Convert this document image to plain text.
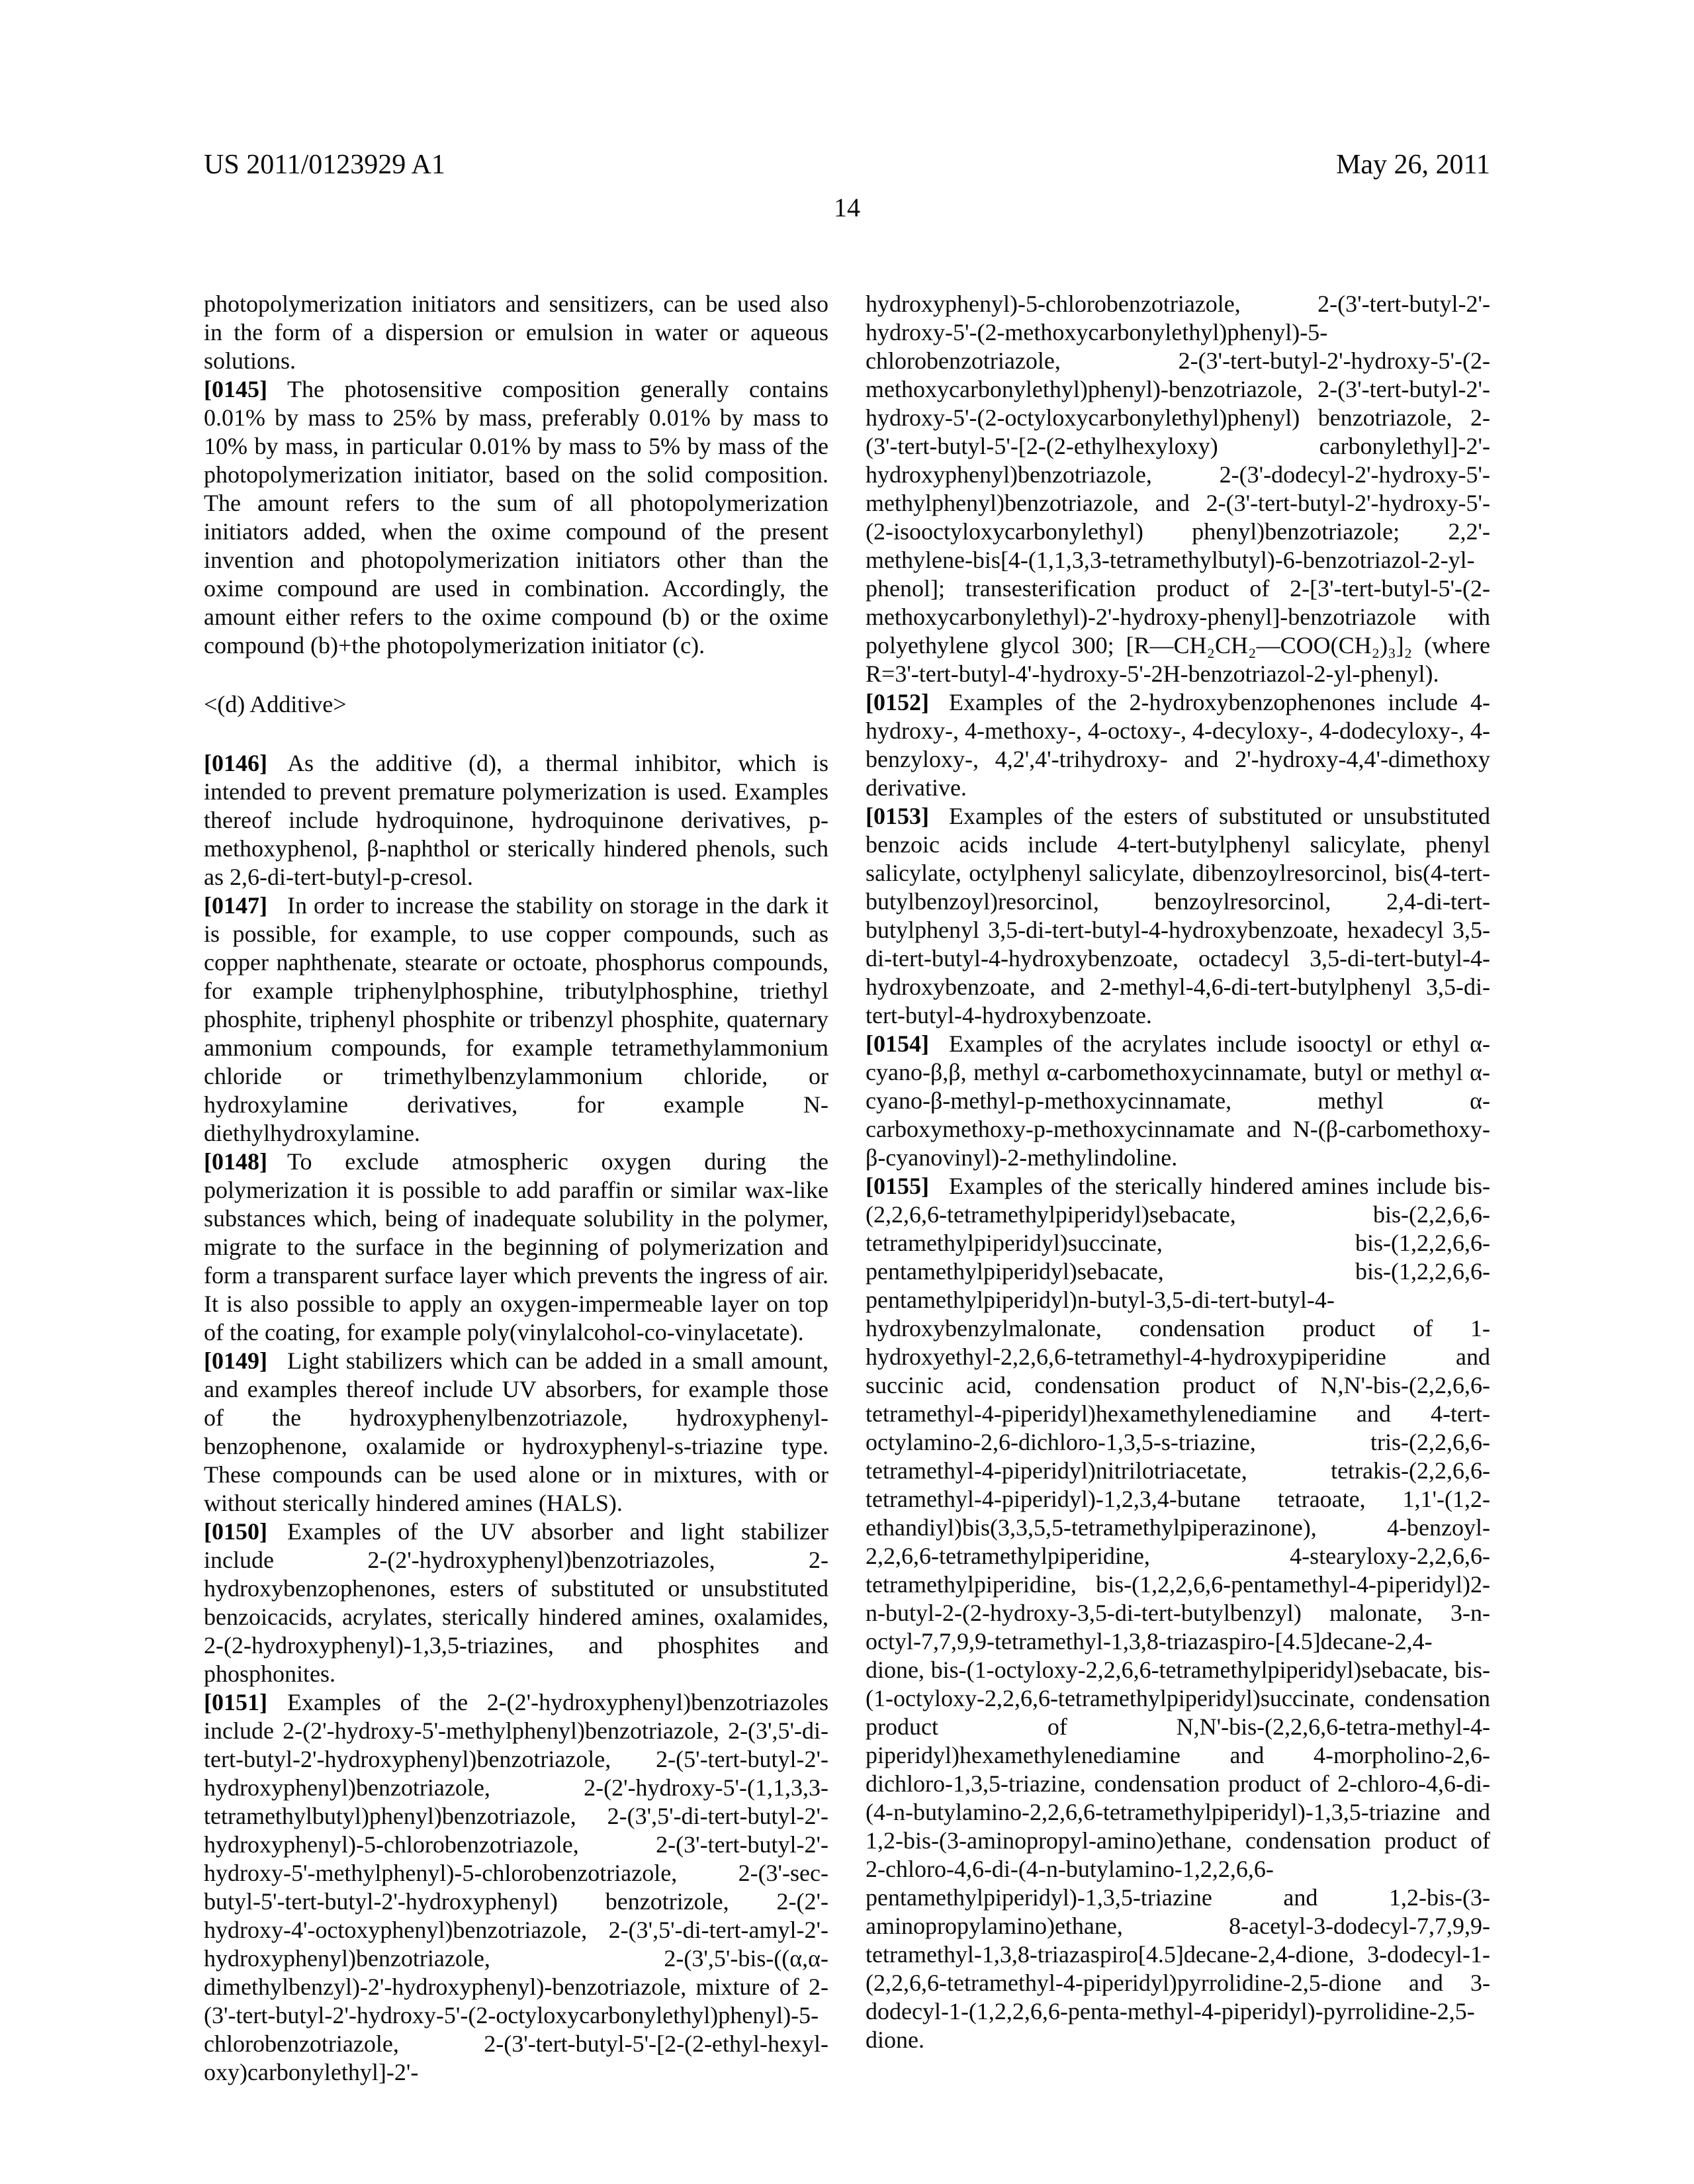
US 2011/0123929 A1	May 26, 2011
14

photopolymerization initiators and sensitizers, can be used also in the form of a dispersion or emulsion in water or aqueous solutions.

[0145] The photosensitive composition generally contains 0.01% by mass to 25% by mass, preferably 0.01% by mass to 10% by mass, in particular 0.01% by mass to 5% by mass of the photopolymerization initiator, based on the solid composition. The amount refers to the sum of all photopolymerization initiators added, when the oxime compound of the present invention and photopolymerization initiators other than the oxime compound are used in combination. Accordingly, the amount either refers to the oxime compound (b) or the oxime compound (b)+the photopolymerization initiator (c).

<(d) Additive>

[0146] As the additive (d), a thermal inhibitor, which is intended to prevent premature polymerization is used. Examples thereof include hydroquinone, hydroquinone derivatives, p-methoxyphenol, β-naphthol or sterically hindered phenols, such as 2,6-di-tert-butyl-p-cresol.

[0147] In order to increase the stability on storage in the dark it is possible, for example, to use copper compounds, such as copper naphthenate, stearate or octoate, phosphorus compounds, for example triphenylphosphine, tributylphosphine, triethyl phosphite, triphenyl phosphite or tribenzyl phosphite, quaternary ammonium compounds, for example tetramethylammonium chloride or trimethylbenzylammonium chloride, or hydroxylamine derivatives, for example N-diethylhydroxylamine.

[0148] To exclude atmospheric oxygen during the polymerization it is possible to add paraffin or similar wax-like substances which, being of inadequate solubility in the polymer, migrate to the surface in the beginning of polymerization and form a transparent surface layer which prevents the ingress of air. It is also possible to apply an oxygen-impermeable layer on top of the coating, for example poly(vinylalcohol-co-vinylacetate).

[0149] Light stabilizers which can be added in a small amount, and examples thereof include UV absorbers, for example those of the hydroxyphenylbenzotriazole, hydroxyphenyl-benzophenone, oxalamide or hydroxyphenyl-s-triazine type. These compounds can be used alone or in mixtures, with or without sterically hindered amines (HALS).

[0150] Examples of the UV absorber and light stabilizer include 2-(2'-hydroxyphenyl)benzotriazoles, 2-hydroxybenzophenones, esters of substituted or unsubstituted benzoicacids, acrylates, sterically hindered amines, oxalamides, 2-(2-hydroxyphenyl)-1,3,5-triazines, and phosphites and phosphonites.

[0151] Examples of the 2-(2'-hydroxyphenyl)benzotriazoles include 2-(2'-hydroxy-5'-methylphenyl)benzotriazole, 2-(3',5'-di-tert-butyl-2'-hydroxyphenyl)benzotriazole, 2-(5'-tert-butyl-2'-hydroxyphenyl)benzotriazole, 2-(2'-hydroxy-5'-(1,1,3,3-tetramethylbutyl)phenyl)benzotriazole, 2-(3',5'-di-tert-butyl-2'-hydroxyphenyl)-5-chlorobenzotriazole, 2-(3'-tert-butyl-2'-hydroxy-5'-methylphenyl)-5-chlorobenzotriazole, 2-(3'-sec-butyl-5'-tert-butyl-2'-hydroxyphenyl) benzotrizole, 2-(2'-hydroxy-4'-octoxyphenyl)benzotriazole, 2-(3',5'-di-tert-amyl-2'-hydroxyphenyl)benzotriazole, 2-(3',5'-bis-((α,α-dimethylbenzyl)-2'-hydroxyphenyl)-benzotriazole, mixture of 2-(3'-tert-butyl-2'-hydroxy-5'-(2-octyloxycarbonylethyl)phenyl)-5-chlorobenzotriazole, 2-(3'-tert-butyl-5'-[2-(2-ethyl-hexyl-oxy)carbonylethyl]-2'-

hydroxyphenyl)-5-chlorobenzotriazole, 2-(3'-tert-butyl-2'-hydroxy-5'-(2-methoxycarbonylethyl)phenyl)-5-chlorobenzotriazole, 2-(3'-tert-butyl-2'-hydroxy-5'-(2-methoxycarbonylethyl)phenyl)-benzotriazole, 2-(3'-tert-butyl-2'-hydroxy-5'-(2-octyloxycarbonylethyl)phenyl) benzotriazole, 2-(3'-tert-butyl-5'-[2-(2-ethylhexyloxy) carbonylethyl]-2'-hydroxyphenyl)benzotriazole, 2-(3'-dodecyl-2'-hydroxy-5'-methylphenyl)benzotriazole, and 2-(3'-tert-butyl-2'-hydroxy-5'-(2-isooctyloxycarbonylethyl) phenyl)benzotriazole; 2,2'-methylene-bis[4-(1,1,3,3-tetramethylbutyl)-6-benzotriazol-2-yl-phenol]; transesterification product of 2-[3'-tert-butyl-5'-(2-methoxycarbonylethyl)-2'-hydroxy-phenyl]-benzotriazole with polyethylene glycol 300; [R—CH₂CH₂—COO(CH₂)₃]₂ (where R=3'-tert-butyl-4'-hydroxy-5'-2H-benzotriazol-2-yl-phenyl).

[0152] Examples of the 2-hydroxybenzophenones include 4-hydroxy-, 4-methoxy-, 4-octoxy-, 4-decyloxy-, 4-dodecyloxy-, 4-benzyloxy-, 4,2',4'-trihydroxy- and 2'-hydroxy-4,4'-dimethoxy derivative.

[0153] Examples of the esters of substituted or unsubstituted benzoic acids include 4-tert-butylphenyl salicylate, phenyl salicylate, octylphenyl salicylate, dibenzoylresorcinol, bis(4-tert-butylbenzoyl)resorcinol, benzoylresorcinol, 2,4-di-tert-butylphenyl 3,5-di-tert-butyl-4-hydroxybenzoate, hexadecyl 3,5-di-tert-butyl-4-hydroxybenzoate, octadecyl 3,5-di-tert-butyl-4-hydroxybenzoate, and 2-methyl-4,6-di-tert-butylphenyl 3,5-di-tert-butyl-4-hydroxybenzoate.

[0154] Examples of the acrylates include isooctyl or ethyl α-cyano-β,β, methyl α-carbomethoxycinnamate, butyl or methyl α-cyano-β-methyl-p-methoxycinnamate, methyl α-carboxymethoxy-p-methoxycinnamate and N-(β-carbomethoxy-β-cyanovinyl)-2-methylindoline.

[0155] Examples of the sterically hindered amines include bis-(2,2,6,6-tetramethylpiperidyl)sebacate, bis-(2,2,6,6-tetramethylpiperidyl)succinate, bis-(1,2,2,6,6-pentamethylpiperidyl)sebacate, bis-(1,2,2,6,6-pentamethylpiperidyl)n-butyl-3,5-di-tert-butyl-4-hydroxybenzylmalonate, condensation product of 1-hydroxyethyl-2,2,6,6-tetramethyl-4-hydroxypiperidine and succinic acid, condensation product of N,N'-bis-(2,2,6,6-tetramethyl-4-piperidyl)hexamethylenediamine and 4-tert-octylamino-2,6-dichloro-1,3,5-s-triazine, tris-(2,2,6,6-tetramethyl-4-piperidyl)nitrilotriacetate, tetrakis-(2,2,6,6-tetramethyl-4-piperidyl)-1,2,3,4-butane tetraoate, 1,1'-(1,2-ethandiyl)bis(3,3,5,5-tetramethylpiperazinone), 4-benzoyl-2,2,6,6-tetramethylpiperidine, 4-stearyloxy-2,2,6,6-tetramethylpiperidine, bis-(1,2,2,6,6-pentamethyl-4-piperidyl)2-n-butyl-2-(2-hydroxy-3,5-di-tert-butylbenzyl) malonate, 3-n-octyl-7,7,9,9-tetramethyl-1,3,8-triazaspiro-[4.5]decane-2,4-dione, bis-(1-octyloxy-2,2,6,6-tetramethylpiperidyl)sebacate, bis-(1-octyloxy-2,2,6,6-tetramethylpiperidyl)succinate, condensation product of N,N'-bis-(2,2,6,6-tetra-methyl-4-piperidyl)hexamethylenediamine and 4-morpholino-2,6-dichloro-1,3,5-triazine, condensation product of 2-chloro-4,6-di-(4-n-butylamino-2,2,6,6-tetramethylpiperidyl)-1,3,5-triazine and 1,2-bis-(3-aminopropyl-amino)ethane, condensation product of 2-chloro-4,6-di-(4-n-butylamino-1,2,2,6,6-pentamethylpiperidyl)-1,3,5-triazine and 1,2-bis-(3-aminopropylamino)ethane, 8-acetyl-3-dodecyl-7,7,9,9-tetramethyl-1,3,8-triazaspiro[4.5]decane-2,4-dione, 3-dodecyl-1-(2,2,6,6-tetramethyl-4-piperidyl)pyrrolidine-2,5-dione and 3-dodecyl-1-(1,2,2,6,6-penta-methyl-4-piperidyl)-pyrrolidine-2,5-dione.
